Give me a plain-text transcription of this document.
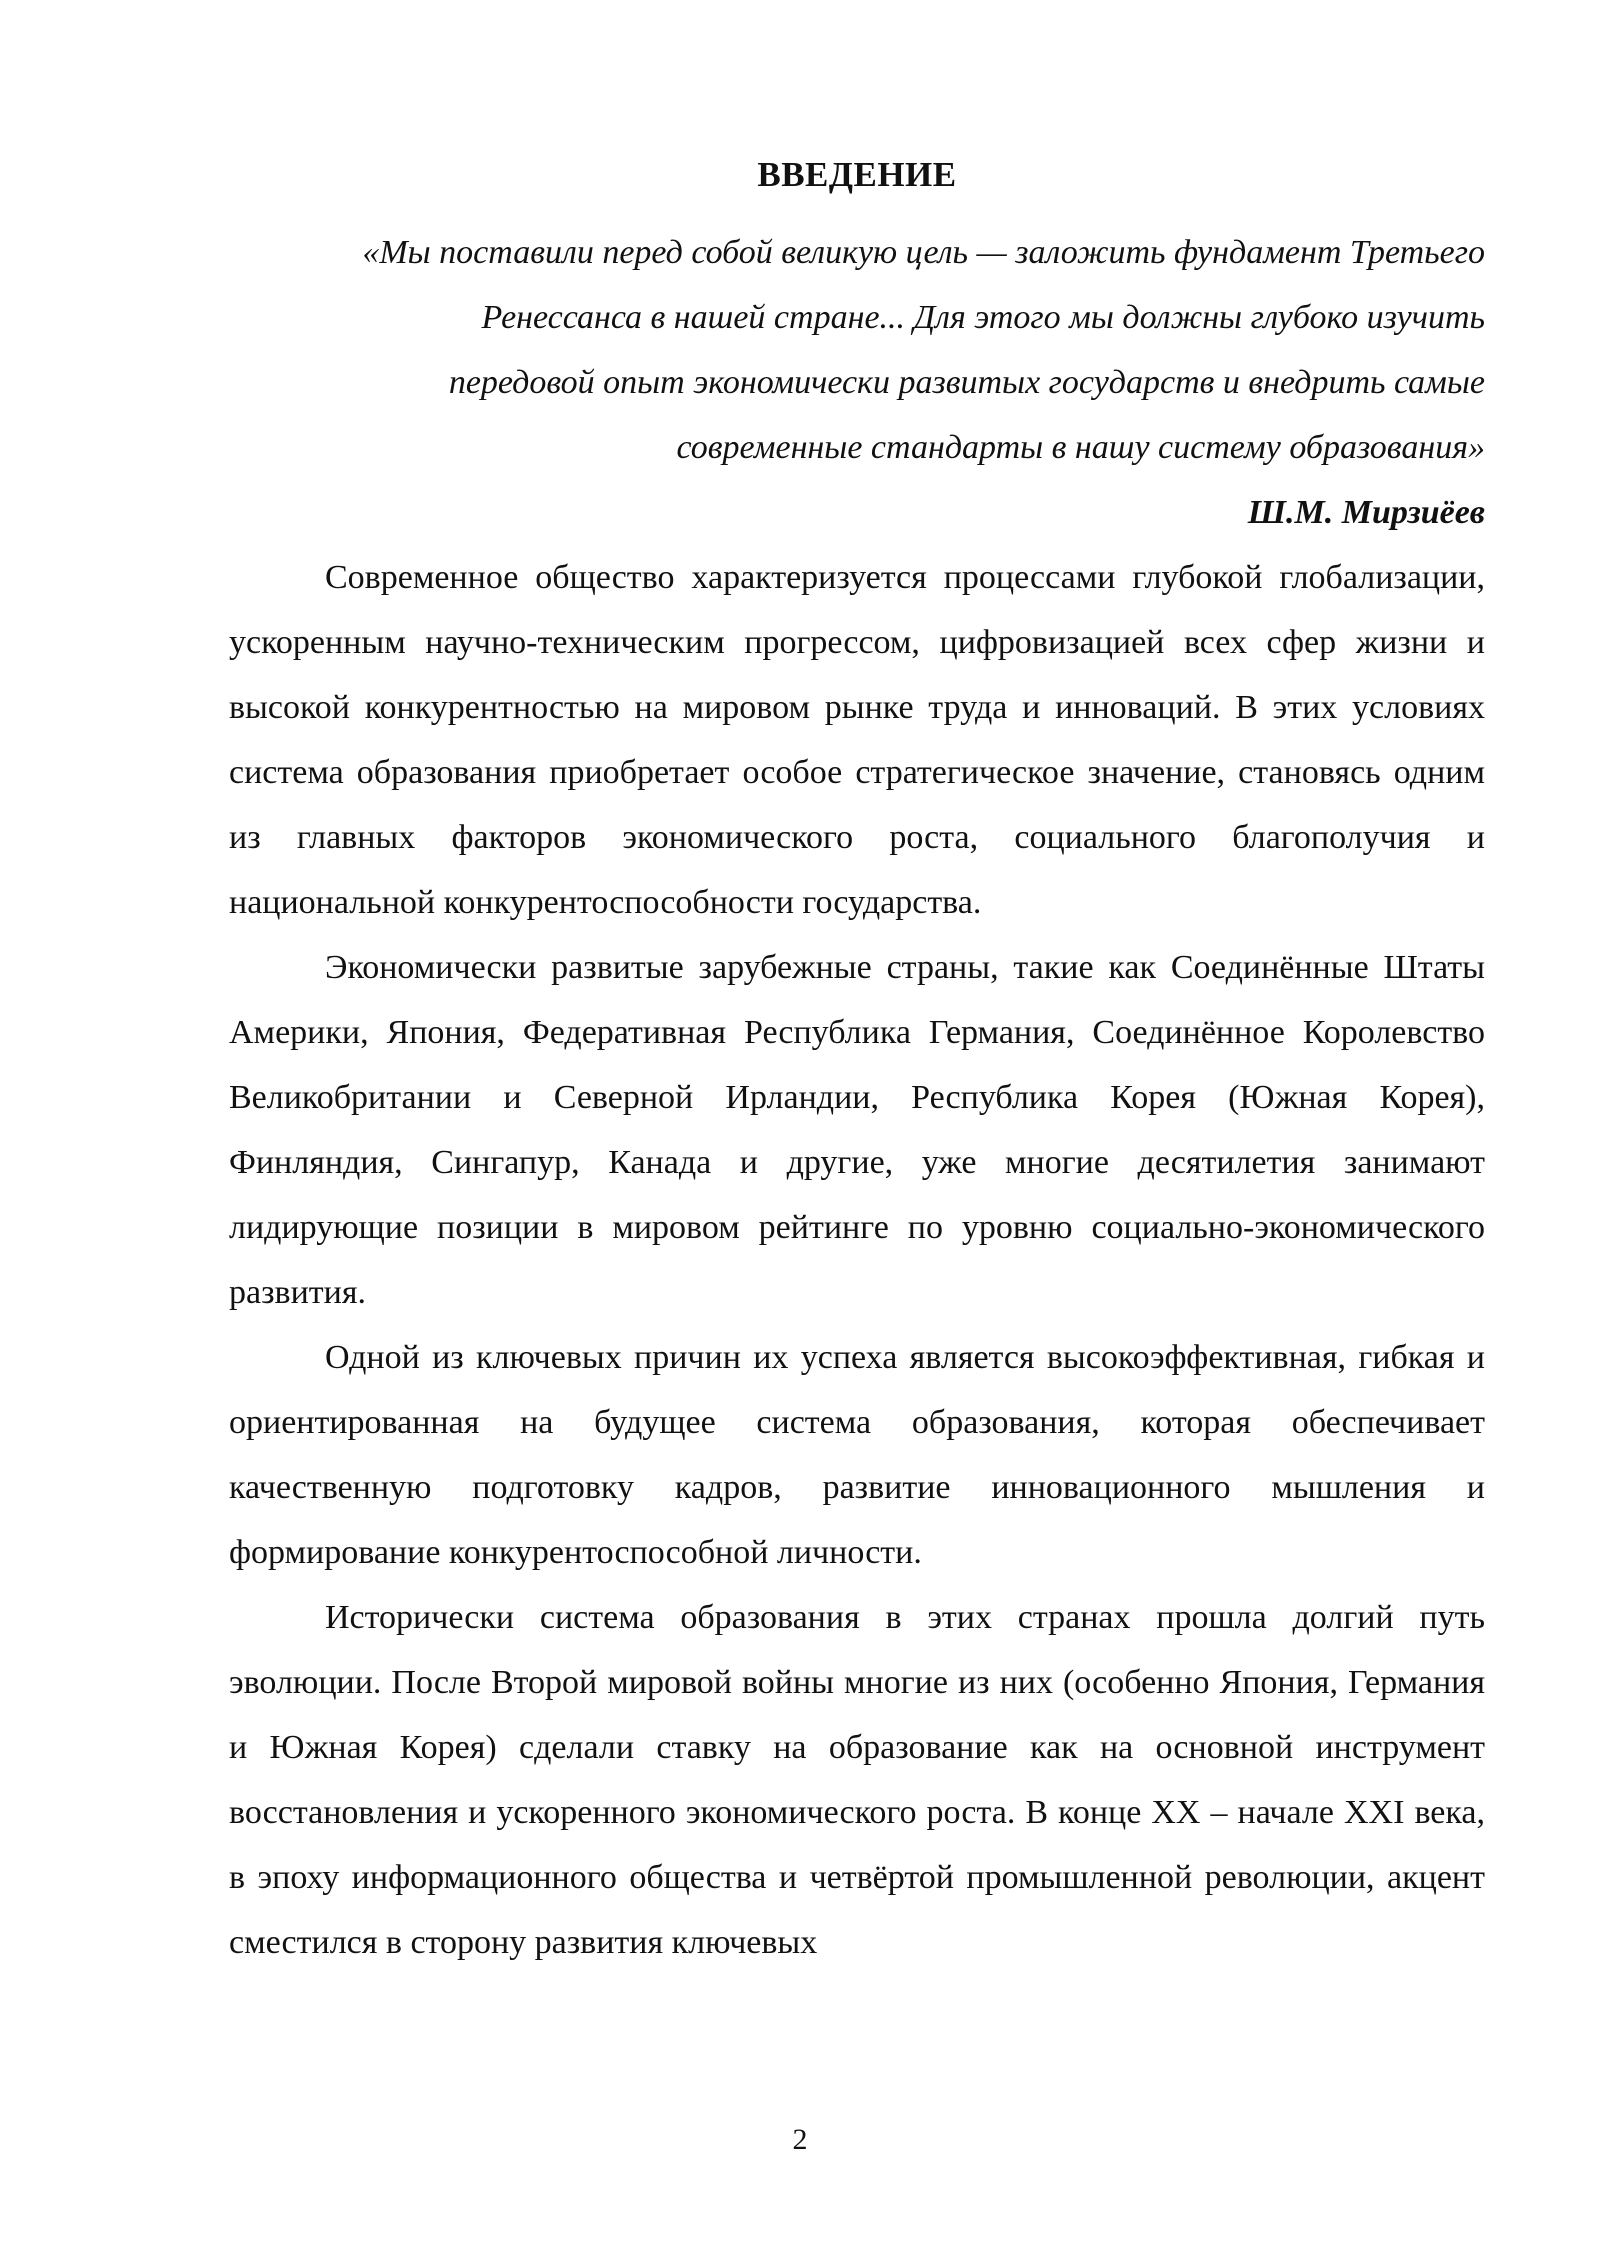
ВВЕДЕНИЕ
«Мы поставили перед собой великую цель — заложить фундамент Третьего
Ренессанса в нашей стране... Для этого мы должны глубоко изучить
передовой опыт экономически развитых государств и внедрить самые
современные стандарты в нашу систему образования»
Ш.М. Мирзиёев

Современное общество характеризуется процессами глубокой глобализации, ускоренным научно-техническим прогрессом, цифровизацией всех сфер жизни и высокой конкурентностью на мировом рынке труда и инноваций. В этих условиях система образования приобретает особое стратегическое значение, становясь одним из главных факторов экономического роста, социального благополучия и национальной конкурентоспособности государства.

Экономически развитые зарубежные страны, такие как Соединённые Штаты Америки, Япония, Федеративная Республика Германия, Соединённое Королевство Великобритании и Северной Ирландии, Республика Корея (Южная Корея), Финляндия, Сингапур, Канада и другие, уже многие десятилетия занимают лидирующие позиции в мировом рейтинге по уровню социально-экономического развития.

Одной из ключевых причин их успеха является высокоэффективная, гибкая и ориентированная на будущее система образования, которая обеспечивает качественную подготовку кадров, развитие инновационного мышления и формирование конкурентоспособной личности.

Исторически система образования в этих странах прошла долгий путь эволюции. После Второй мировой войны многие из них (особенно Япония, Германия и Южная Корея) сделали ставку на образование как на основной инструмент восстановления и ускоренного экономического роста. В конце XX – начале XXI века, в эпоху информационного общества и четвёртой промышленной революции, акцент сместился в сторону развития ключевых

2
